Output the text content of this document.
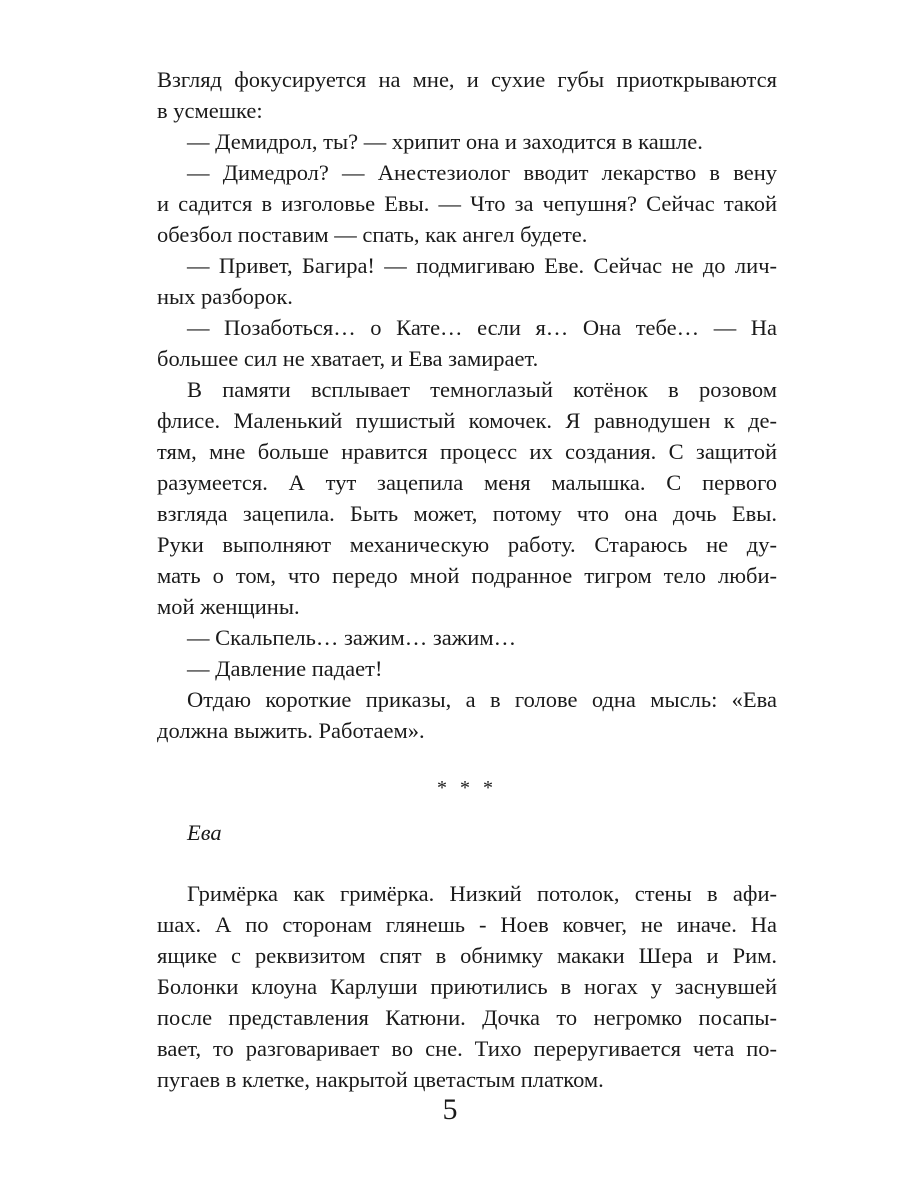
Взгляд фокусируется на мне, и сухие губы приоткрываются
в усмешке:
— Демидрол, ты? — хрипит она и заходится в кашле.
— Димедрол? — Анестезиолог вводит лекарство в вену
и садится в изголовье Евы. — Что за чепушня? Сейчас такой
обезбол поставим — спать, как ангел будете.
— Привет, Багира! — подмигиваю Еве. Сейчас не до лич-
ных разборок.
— Позаботься… о Кате… если я… Она тебе… — На
большее сил не хватает, и Ева замирает.
В памяти всплывает темноглазый котёнок в розовом
флисе. Маленький пушистый комочек. Я равнодушен к де-
тям, мне больше нравится процесс их создания. С защитой
разумеется. А тут зацепила меня малышка. С первого
взгляда зацепила. Быть может, потому что она дочь Евы.
Руки выполняют механическую работу. Стараюсь не ду-
мать о том, что передо мной подранное тигром тело люби-
мой женщины.
— Скальпель… зажим… зажим…
— Давление падает!
Отдаю короткие приказы, а в голове одна мысль: «Ева
должна выжить. Работаем».
* * *
Ева
Гримёрка как гримёрка. Низкий потолок, стены в афи-
шах. А по сторонам глянешь - Ноев ковчег, не иначе. На
ящике с реквизитом спят в обнимку макаки Шера и Рим.
Болонки клоуна Карлуши приютились в ногах у заснувшей
после представления Катюни. Дочка то негромко посапы-
вает, то разговаривает во сне. Тихо переругивается чета по-
пугаев в клетке, накрытой цветастым платком.
5
